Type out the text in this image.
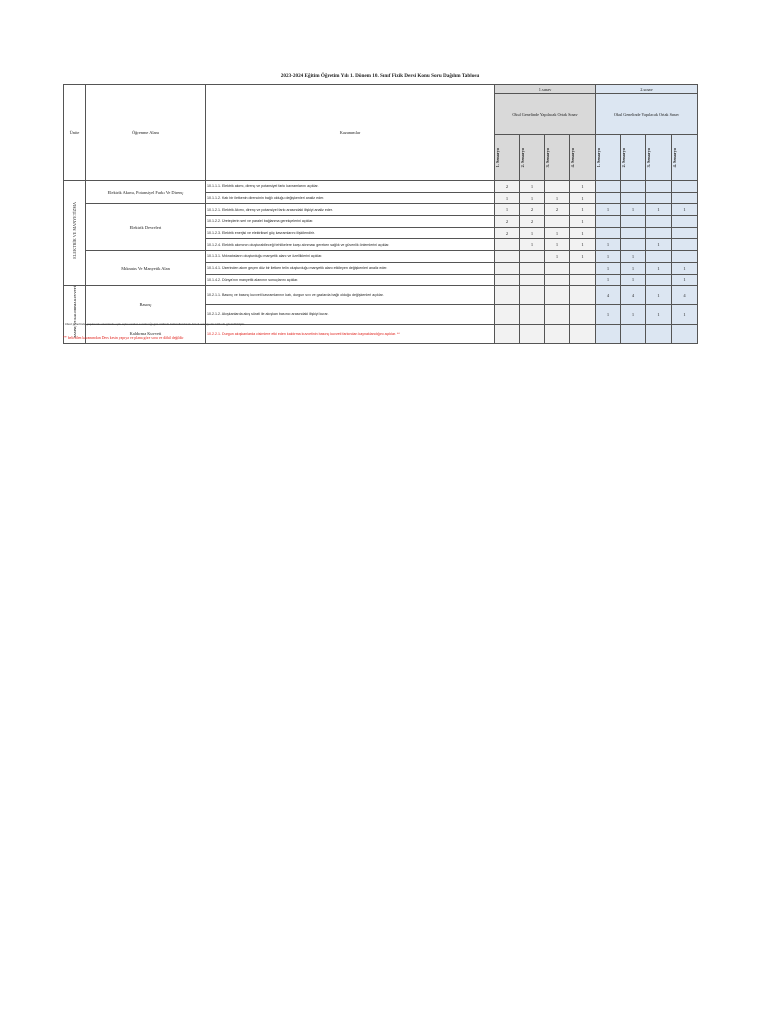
2023-2024 Eğitim Öğretim Yılı 1. Dönem 10. Sınıf Fizik Dersi Konu Soru Dağılım Tablosu
Ünite	Öğrenme Alanı	Kazanımlar	1.sınav				2.sınav			
			Okul Genelinde Yapılacak Ortak Sınav				Okul Genelinde Yapılacak Ortak Sınav			

			1. Senaryo	2. Senaryo	3. Senaryo	4. Senaryo	1. Senaryo	2. Senaryo	3. Senaryo	4. Senaryo

ELEKTRİK VE MANYETİZMA	Elektrik Akımı, Potansiyel Farkı Ve Direnç	10.1.1.1. Elektrik akımı, direnç ve potansiyel farkı kavramlarını açıklar.	2	1		1				
		10.1.1.2. Katı bir iletkenin direncinin bağlı olduğu değişkenleri analiz eder.	1	1	1	1				
	Elektrik Devreleri	10.1.2.1. Elektrik Akımı, direnç ve potansiyel farkı arasındaki ilişkiyi analiz eder.	1	2	2	1	1	1	1	1
		10.1.2.2. Üreteçlerin seri ve paralel bağlanma gerekçelerini açıklar.	2	2		1				
		10.1.2.3. Elektrik enerjisi ve elektriksel güç kavramlarını ilişkilendirir.	2	1	1	1				
		10.1.2.4. Elektrik akımının oluşturabileceği tehlikelere karşı alınması gereken sağlık ve güvenlik önlemlerini açıklar.		1	1	1	1		1	
	Mıknatıs Ve Manyetik Alan	10.1.3.1. Mıknatısların oluşturduğu manyetik alanı ve özelliklerini açıklar.			1	1	1	1		
		10.1.4.1. Üzerinden akım geçen düz bir iletken telin oluşturduğu manyetik alanı etkileyen değişkenleri analiz eder.					1	1	1	1
		10.1.4.2. Dünya'nın manyetik alanının sonuçlarını açıklar.					1	1		1
BASINÇ VE KALDIRMA KUVVETİ	Basınç	10.2.1.1. Basınç ve basınç kuvveti kavramlarının katı, durgun sıvı ve gazlarda bağlı olduğu değişkenleri açıklar.					4	4	1	4
		10.2.1.2. Akışkanlarda akış sürati ile akışkan basıncı arasındaki ilişkiyi kurar.					1	1	1	1
	Kaldırma Kuvveti	10.2.2.1. Durgun akışkanlarda cisimlere etki eden kaldırma kuvvetinin basınç kuvveti farkından kaynaklandığını açıklar. **								
• Okul genelinde yapılacak sınavlarda açık uçlu sorular sorulacağı göz önünde bulundurularak örnek senaryolar tabloda gösterilmiştir.
** belirtilen kazanımdan Ders kesin yapıya ve plana göre soru ve dâhil değildir
